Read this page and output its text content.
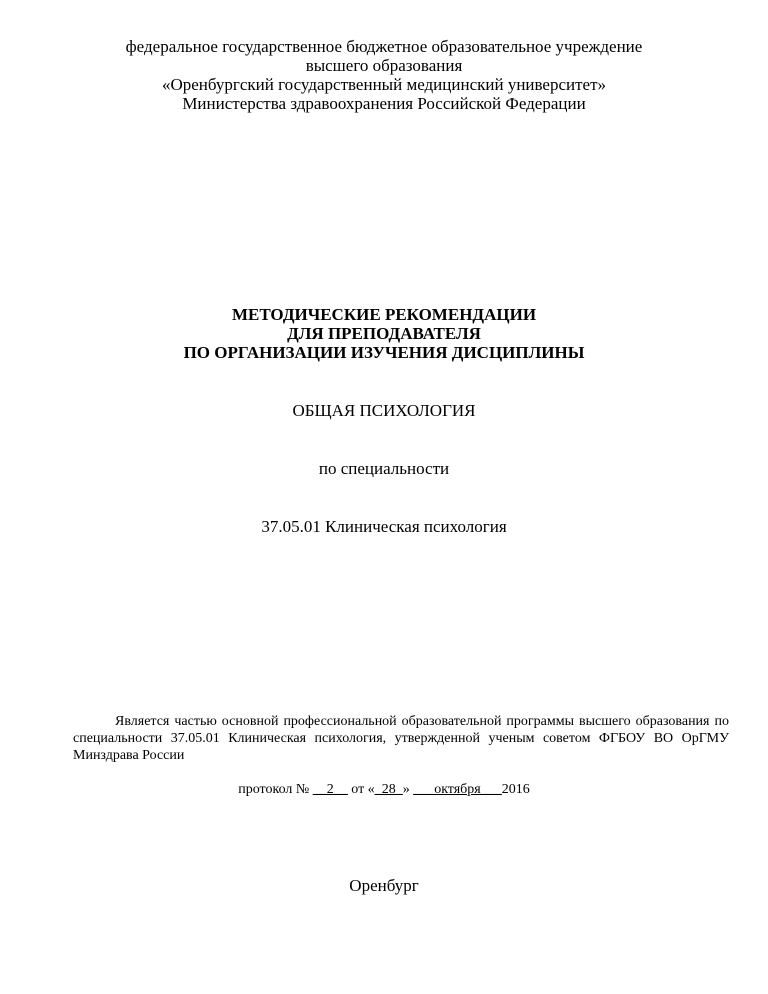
федеральное государственное бюджетное образовательное учреждение
высшего образования
«Оренбургский государственный медицинский университет»
Министерства здравоохранения Российской Федерации
МЕТОДИЧЕСКИЕ РЕКОМЕНДАЦИИ
ДЛЯ ПРЕПОДАВАТЕЛЯ
ПО ОРГАНИЗАЦИИ ИЗУЧЕНИЯ ДИСЦИПЛИНЫ
ОБЩАЯ ПСИХОЛОГИЯ
по специальности
37.05.01 Клиническая психология
Является частью основной профессиональной образовательной программы высшего образования по специальности 37.05.01 Клиническая психология, утвержденной ученым советом ФГБОУ ВО ОрГМУ Минздрава России
протокол № __2__ от «_28_» ___октября___2016
Оренбург
